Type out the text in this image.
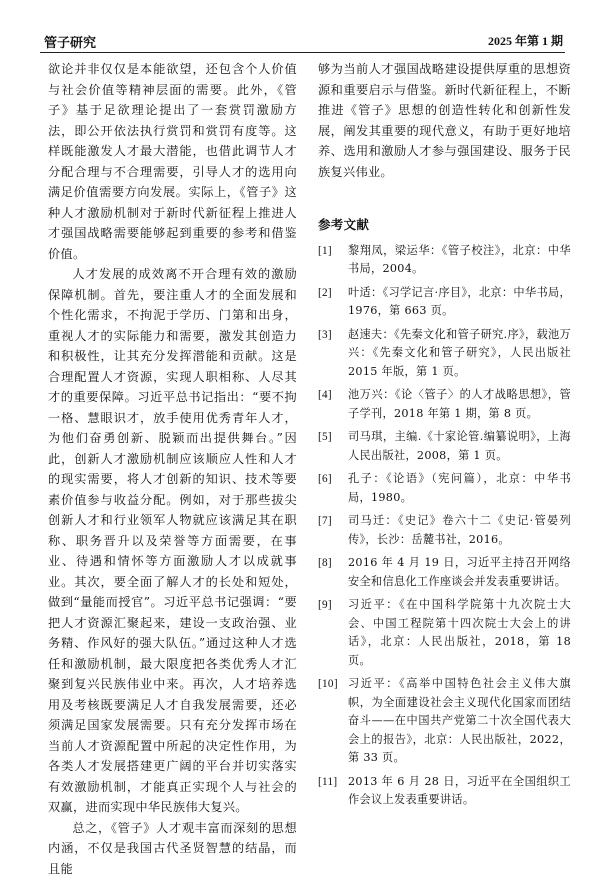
管子研究	2025 年第 1 期

欲论并非仅仅是本能欲望，还包含个人价值与社会价值等精神层面的需要。此外，《管子》基于足欲理论提出了一套赏罚激励方法，即公开依法执行赏罚和赏罚有度等。这样既能激发人才最大潜能，也借此调节人才分配合理与不合理需要，引导人才的选用向满足价值需要方向发展。实际上，《管子》这种人才激励机制对于新时代新征程上推进人才强国战略需要能够起到重要的参考和借鉴价值。

人才发展的成效离不开合理有效的激励保障机制。首先，要注重人才的全面发展和个性化需求，不拘泥于学历、门第和出身，重视人才的实际能力和需要，激发其创造力和积极性，让其充分发挥潜能和贡献。这是合理配置人才资源，实现人职相称、人尽其才的重要保障。习近平总书记指出：“要不拘一格、慧眼识才，放手使用优秀青年人才，为他们奋勇创新、脱颖而出提供舞台。”因此，创新人才激励机制应该顺应人性和人才的现实需要，将人才创新的知识、技术等要素价值参与收益分配。例如，对于那些拔尖创新人才和行业领军人物就应该满足其在职称、职务晋升以及荣誉等方面需要，在事业、待遇和情怀等方面激励人才以成就事业。其次，要全面了解人才的长处和短处，做到“量能而授官”。习近平总书记强调：“要把人才资源汇聚起来，建设一支政治强、业务精、作风好的强大队伍。”通过这种人才选任和激励机制，最大限度把各类优秀人才汇聚到复兴民族伟业中来。再次，人才培养选用及考核既要满足人才自我发展需要，还必须满足国家发展需要。只有充分发挥市场在当前人才资源配置中所起的决定性作用，为各类人才发展搭建更广阔的平台并切实落实有效激励机制，才能真正实现个人与社会的双赢，进而实现中华民族伟大复兴。

总之，《管子》人才观丰富而深刻的思想内涵，不仅是我国古代圣贤智慧的结晶，而且能

够为当前人才强国战略建设提供厚重的思想资源和重要启示与借鉴。新时代新征程上，不断推进《管子》思想的创造性转化和创新性发展，阐发其重要的现代意义，有助于更好地培养、选用和激励人才参与强国建设、服务于民族复兴伟业。

参考文献
[1] 黎翔凤，梁运华：《管子校注》，北京：中华书局，2004。
[2] 叶适：《习学记言·序目》，北京：中华书局，1976，第 663 页。
[3] 赵速夫：《先秦文化和管子研究.序》，载池万兴：《先秦文化和管子研究》，人民出版社 2015 年版，第 1 页。
[4] 池万兴：《论〈管子〉的人才战略思想》，管子学刊，2018 年第 1 期，第 8 页。
[5] 司马琪，主编.《十家论管.编纂说明》，上海人民出版社，2008，第 1 页。
[6] 孔子：《论语》（宪问篇），北京：中华书局，1980。
[7] 司马迁：《史记》卷六十二《史记·管晏列传》，长沙：岳麓书社，2016。
[8] 2016 年 4 月 19 日，习近平主持召开网络安全和信息化工作座谈会并发表重要讲话。
[9] 习近平：《在中国科学院第十九次院士大会、中国工程院第十四次院士大会上的讲话》，北京：人民出版社，2018，第 18 页。
[10] 习近平：《高举中国特色社会主义伟大旗帜，为全面建设社会主义现代化国家而团结奋斗——在中国共产党第二十次全国代表大会上的报告》，北京：人民出版社，2022，第 33 页。
[11] 2013 年 6 月 28 日，习近平在全国组织工作会议上发表重要讲话。
